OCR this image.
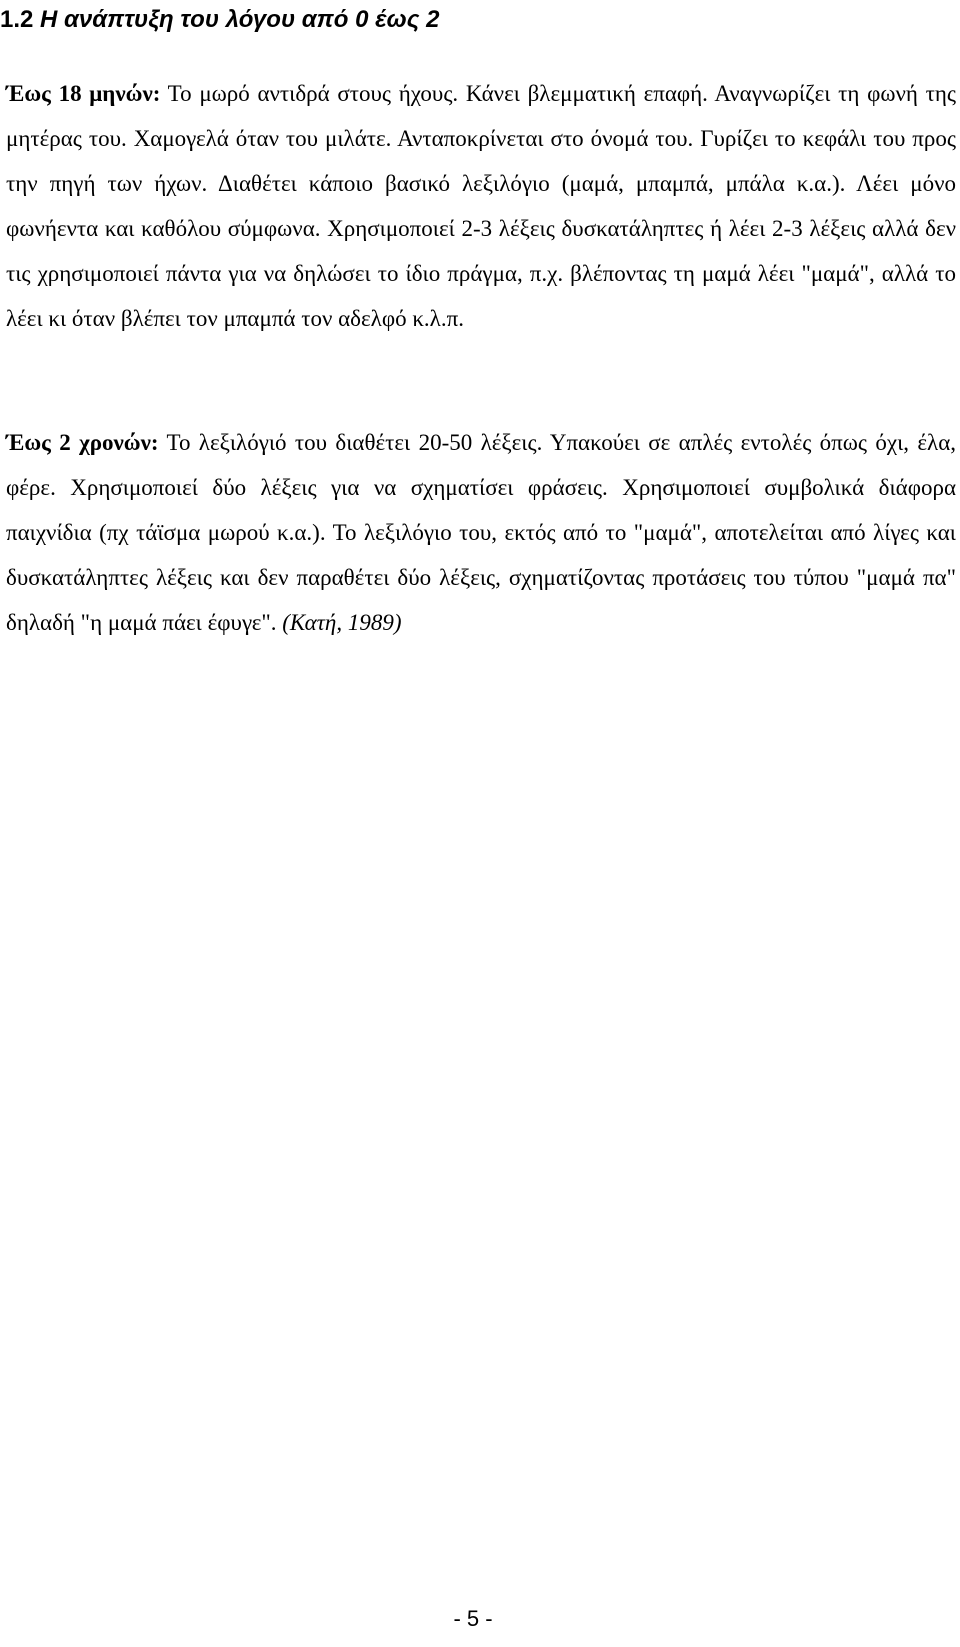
1.2 Η ανάπτυξη του λόγου από 0 έως 2

Έως 18 μηνών: Το μωρό αντιδρά στους ήχους. Κάνει βλεμματική επαφή. Αναγνωρίζει τη φωνή της μητέρας του. Χαμογελά όταν του μιλάτε. Ανταποκρίνεται στο όνομά του. Γυρίζει το κεφάλι του προς την πηγή των ήχων. Διαθέτει κάποιο βασικό λεξιλόγιο (μαμά, μπαμπά, μπάλα κ.α.). Λέει μόνο φωνήεντα και καθόλου σύμφωνα. Χρησιμοποιεί 2-3 λέξεις δυσκατάληπτες ή λέει 2-3 λέξεις αλλά δεν τις χρησιμοποιεί πάντα για να δηλώσει το ίδιο πράγμα, π.χ. βλέποντας τη μαμά λέει "μαμά", αλλά το λέει κι όταν βλέπει τον μπαμπά τον αδελφό κ.λ.π.

Έως 2 χρονών: Το λεξιλόγιό του διαθέτει 20-50 λέξεις. Υπακούει σε απλές εντολές όπως όχι, έλα, φέρε. Χρησιμοποιεί δύο λέξεις για να σχηματίσει φράσεις. Χρησιμοποιεί συμβολικά διάφορα παιχνίδια (πχ τάϊσμα μωρού κ.α.). Το λεξιλόγιο του, εκτός από το "μαμά", αποτελείται από λίγες και δυσκατάληπτες λέξεις και δεν παραθέτει δύο λέξεις, σχηματίζοντας προτάσεις του τύπου "μαμά πα" δηλαδή "η μαμά πάει έφυγε". (Κατή, 1989)

- 5 -
